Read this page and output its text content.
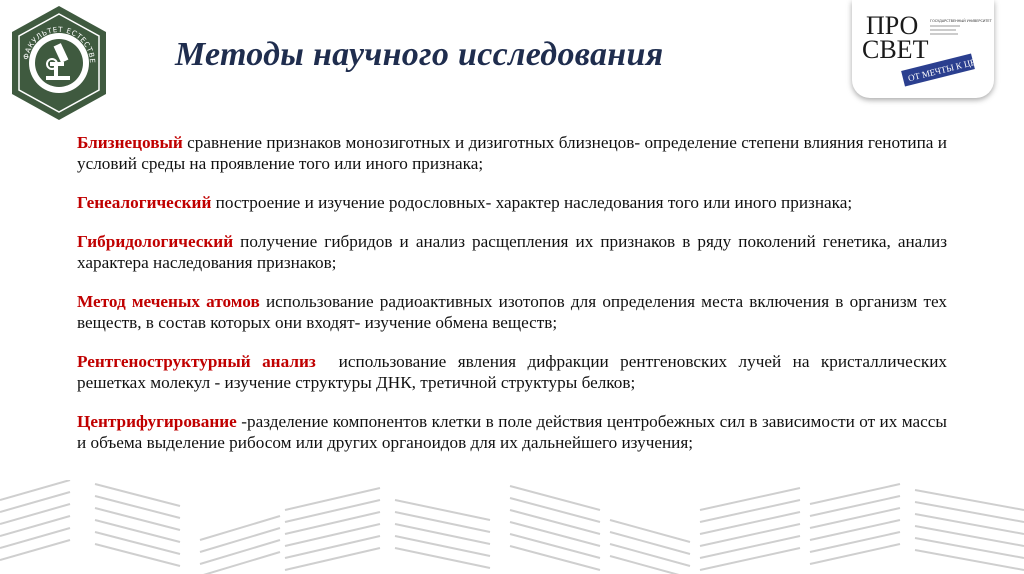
ФАКУЛЬТЕТ ЕСТЕСТВЕ Методы научного исследования
ПРО
СВЕТ
ГОСУДАРСТВЕННЫЙ УНИВЕРСИТЕТ
ОТ МЕЧТЫ К ЦЕЛИ

Близнецовый сравнение признаков монозиготных и дизиготных близнецов- определение степени влияния генотипа и условий среды на проявление того или иного признака;

Генеалогический построение и изучение родословных- характер наследования того или иного признака;

Гибридологический получение гибридов и анализ расщепления их признаков в ряду поколений генетика, анализ характера наследования признаков;

Метод меченых атомов использование радиоактивных изотопов для определения места включения в организм тех веществ, в состав которых они входят- изучение обмена веществ;

Рентгеноструктурный анализ  использование явления дифракции рентгеновских лучей на кристаллических решетках молекул - изучение структуры ДНК, третичной структуры белков;

Центрифугирование -разделение компонентов клетки в поле действия центробежных сил в зависимости от их массы и объема выделение рибосом или других органоидов для их дальнейшего изучения;
